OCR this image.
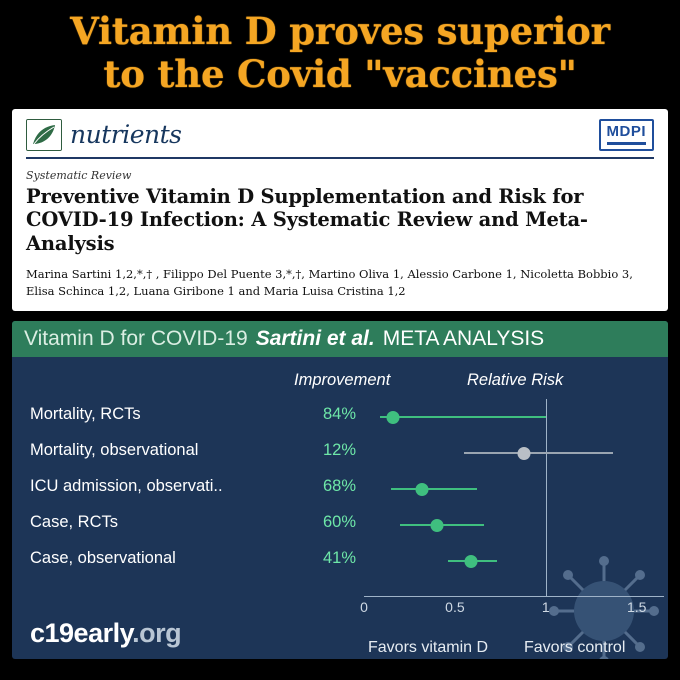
Vitamin D proves superior
to the Covid "vaccines"
nutrients	MDPI
Systematic Review
Preventive Vitamin D Supplementation and Risk for COVID-19 Infection: A Systematic Review and Meta-Analysis
Marina Sartini 1,2,*,† , Filippo Del Puente 3,*,†, Martino Oliva 1, Alessio Carbone 1, Nicoletta Bobbio 3,
Elisa Schinca 1,2, Luana Giribone 1 and Maria Luisa Cristina 1,2
Vitamin D for COVID-19 Sartini et al. META ANALYSIS
Improvement	Relative Risk
Mortality, RCTs	84%
Mortality, observational	12%
ICU admission, observati..	68%
Case, RCTs	60%
Case, observational	41%
0	0.5	1	1.5
Favors vitamin D Favors control
c19early.org
